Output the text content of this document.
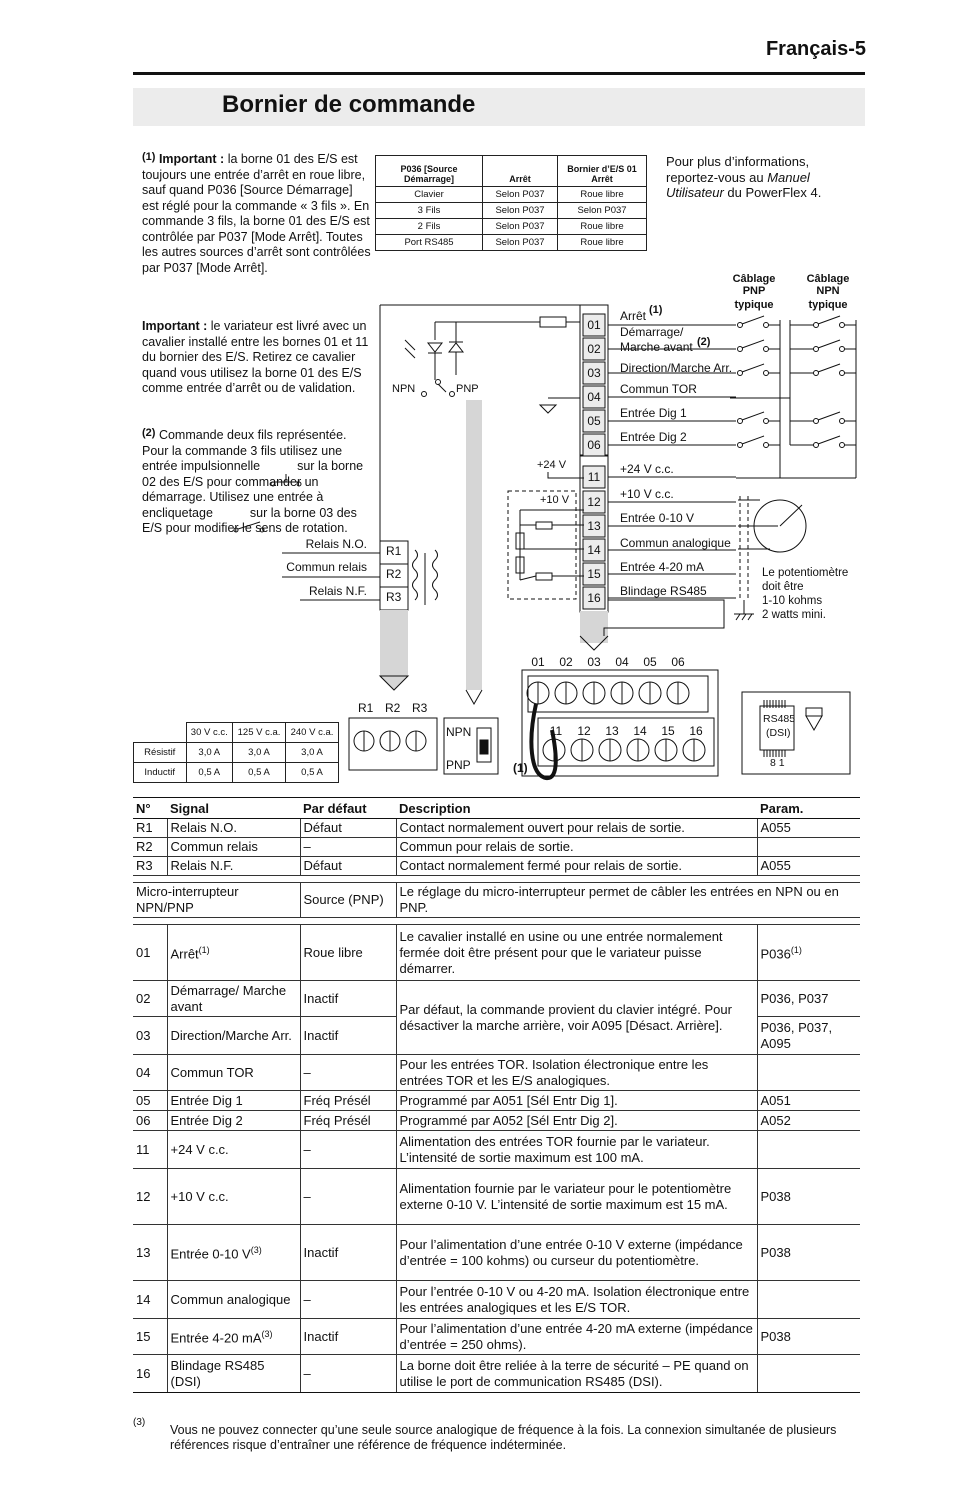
Français-5
Bornier de commande
(1) Important : la borne 01 des E/S est toujours une entrée d’arrêt en roue libre, sauf quand P036 [Source Démarrage] est réglé pour la commande « 3 fils ». En commande 3 fils, la borne 01 des E/S est contrôlée par P037 [Mode Arrêt]. Toutes les autres sources d’arrêt sont contrôlées par P037 [Mode Arrêt].
Important : le variateur est livré avec un cavalier installé entre les bornes 01 et 11 du bornier des E/S. Retirez ce cavalier quand vous utilisez la borne 01 des E/S comme entrée d’arrêt ou de validation.
(2) Commande deux fils représentée. Pour la commande 3 fils utilisez une entrée impulsionnelle	sur la borne 02 des E/S pour commander un démarrage. Utilisez une entrée à encliquetage	sur la borne 03 des E/S pour modifier le sens de rotation.
Pour plus d’informations, reportez-vous au Manuel Utilisateur du PowerFlex 4.
P036 [Source Démarrage]	Arrêt	Bornier d’E/S 01 Arrêt
Clavier	Selon P037	Roue libre
3 Fils	Selon P037	Selon P037
2 Fils	Selon P037	Roue libre
Port RS485	Selon P037	Roue libre
NPN	PNP
01
02
03
04
05
06
11
12
13
14
15
16
Arrêt
Démarrage/
Marche avant
Direction/Marche Arr.
Commun TOR
Entrée Dig 1
Entrée Dig 2
+24 V c.c.
+10 V c.c.
Entrée 0-10 V
Commun analogique
Entrée 4-20 mA
Blindage RS485
(1)
(2)
+24 V
+10 V
R1
R2
R3
Relais N.O.
Commun relais
Relais N.F.
Câblage PNP typique
Câblage NPN typique
Le potentiomètre doit être 1-10 kohms 2 watts mini.
01 02 03 04 05 06
11 12 13 14 15 16
(1)
R1 R2 R3
NPN
PNP
RS485 (DSI)
8 1
	30 V c.c.	125 V c.a.	240 V c.a.
Résistif	3,0 A	3,0 A	3,0 A
Inductif	0,5 A	0,5 A	0,5 A
N°	Signal	Par défaut	Description	Param.
R1	Relais N.O.	Défaut	Contact normalement ouvert pour relais de sortie.	A055
R2	Commun relais	–	Commun pour relais de sortie.	
R3	Relais N.F.	Défaut	Contact normalement fermé pour relais de sortie.	A055

Micro-interrupteur NPN/PNP		Source (PNP)	Le réglage du micro-interrupteur permet de câbler les entrées en NPN ou en PNP.	

01	Arrêt$^{(1)}$	Roue libre	Le cavalier installé en usine ou une entrée normalement fermée doit être présent pour que le variateur puisse démarrer.	P036$^{(1)}$
02	Démarrage/ Marche avant	Inactif	Par défaut, la commande provient du clavier intégré. Pour désactiver la marche arrière, voir A095 [Désact. Arrière].	P036, P037
03	Direction/Marche Arr.	Inactif		P036, P037, A095
04	Commun TOR	–	Pour les entrées TOR. Isolation électronique entre les entrées TOR et les E/S analogiques.	
05	Entrée Dig 1	Fréq Présél	Programmé par A051 [Sél Entr Dig 1].	A051
06	Entrée Dig 2	Fréq Présél	Programmé par A052 [Sél Entr Dig 2].	A052
11	+24 V c.c.	–	Alimentation des entrées TOR fournie par le variateur. L’intensité de sortie maximum est 100 mA.	
12	+10 V c.c.	–	Alimentation fournie par le variateur pour le potentiomètre externe 0-10 V. L’intensité de sortie maximum est 15 mA.	P038
13	Entrée 0-10 $V^{(3)}$	Inactif	Pour l’alimentation d’une entrée 0-10 V externe (impédance d’entrée = 100 kohms) ou curseur du potentiomètre.	P038
14	Commun analogique	–	Pour l’entrée 0-10 V ou 4-20 mA. Isolation électronique entre les entrées analogiques et les E/S TOR.	
15	Entrée 4-20 $mA^{(3)}$	Inactif	Pour l’alimentation d’une entrée 4-20 mA externe (impédance d’entrée = 250 ohms).	P038
16	Blindage RS485 (DSI)	–	La borne doit être reliée à la terre de sécurité – PE quand on utilise le port de communication RS485 (DSI).	
(3)
Vous ne pouvez connecter qu’une seule source analogique de fréquence à la fois. La connexion simultanée de plusieurs références risque d’entraîner une référence de fréquence indéterminée.
